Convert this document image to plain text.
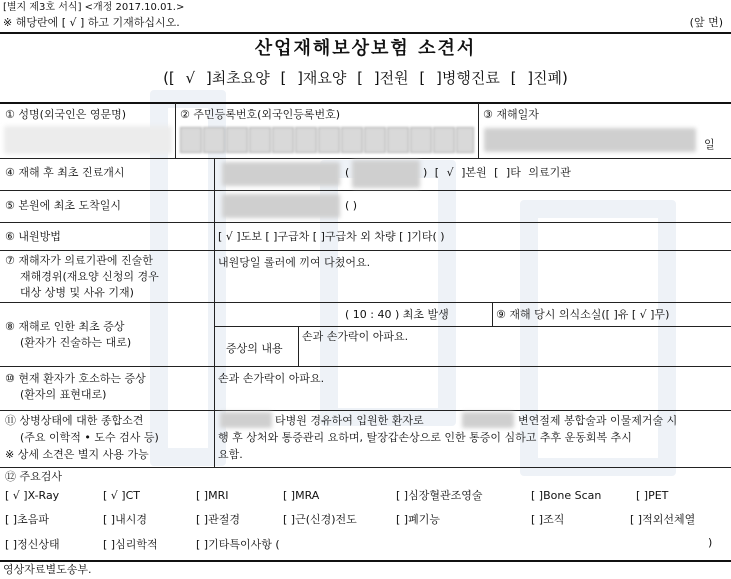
[별지 제3호 서식] <개정 2017.10.01.>
※ 해당란에 [ √ ] 하고 기재하십시오.	(앞 면)
산업재해보상보험 소견서
([ √ ]최초요양 [ ]재요양 [ ]전원 [ ]병행진료 [ ]진폐)
① 성명(외국인은 영문명)	② 주민등록번호(외국인등록번호)	③ 재해일자
일
④ 재해 후 최초 진료개시	(	) [ √ ]본원 [ ]타 의료기관
⑤ 본원에 최초 도착일시	( )
⑥ 내원방법	[ √ ]도보 [ ]구급차 [ ]구급차 외 차량 [ ]기타( )
⑦ 재해자가 의료기관에 진술한
재해경위(재요양 신청의 경우
대상 상병 및 사유 기재)
내원당일 롤러에 끼여 다쳤어요.
⑧ 재해로 인한 최초 증상
(환자가 진술하는 대로)
( 10 : 40 ) 최초 발생	⑨ 재해 당시 의식소실([ ]유 [ √ ]무)
증상의 내용
손과 손가락이 아파요.
⑩ 현재 환자가 호소하는 증상
(환자의 표현대로)
손과 손가락이 아파요.
⑪ 상병상태에 대한 종합소견
(주요 이학적 • 도수 검사 등)
※ 상세 소견은 별지 사용 가능
타병원 경유하여 입원한 환자로	변연절제 봉합술과 이물제거술 시
행 후 상처와 통증관리 요하며, 탈장갑손상으로 인한 통증이 심하고 추후 운동회복 추시
요함.
⑫ 주요검사
[ √ ]X-Ray	[ √ ]CT	[ ]MRI	[ ]MRA	[ ]심장혈관조영술	[ ]Bone Scan	[ ]PET
[ ]초음파	[ ]내시경	[ ]관절경	[ ]근(신경)전도	[ ]폐기능	[ ]조직	[ ]적외선체열
[ ]정신상태	[ ]심리학적	[ ]기타특이사항 (	)
영상자료별도송부.
